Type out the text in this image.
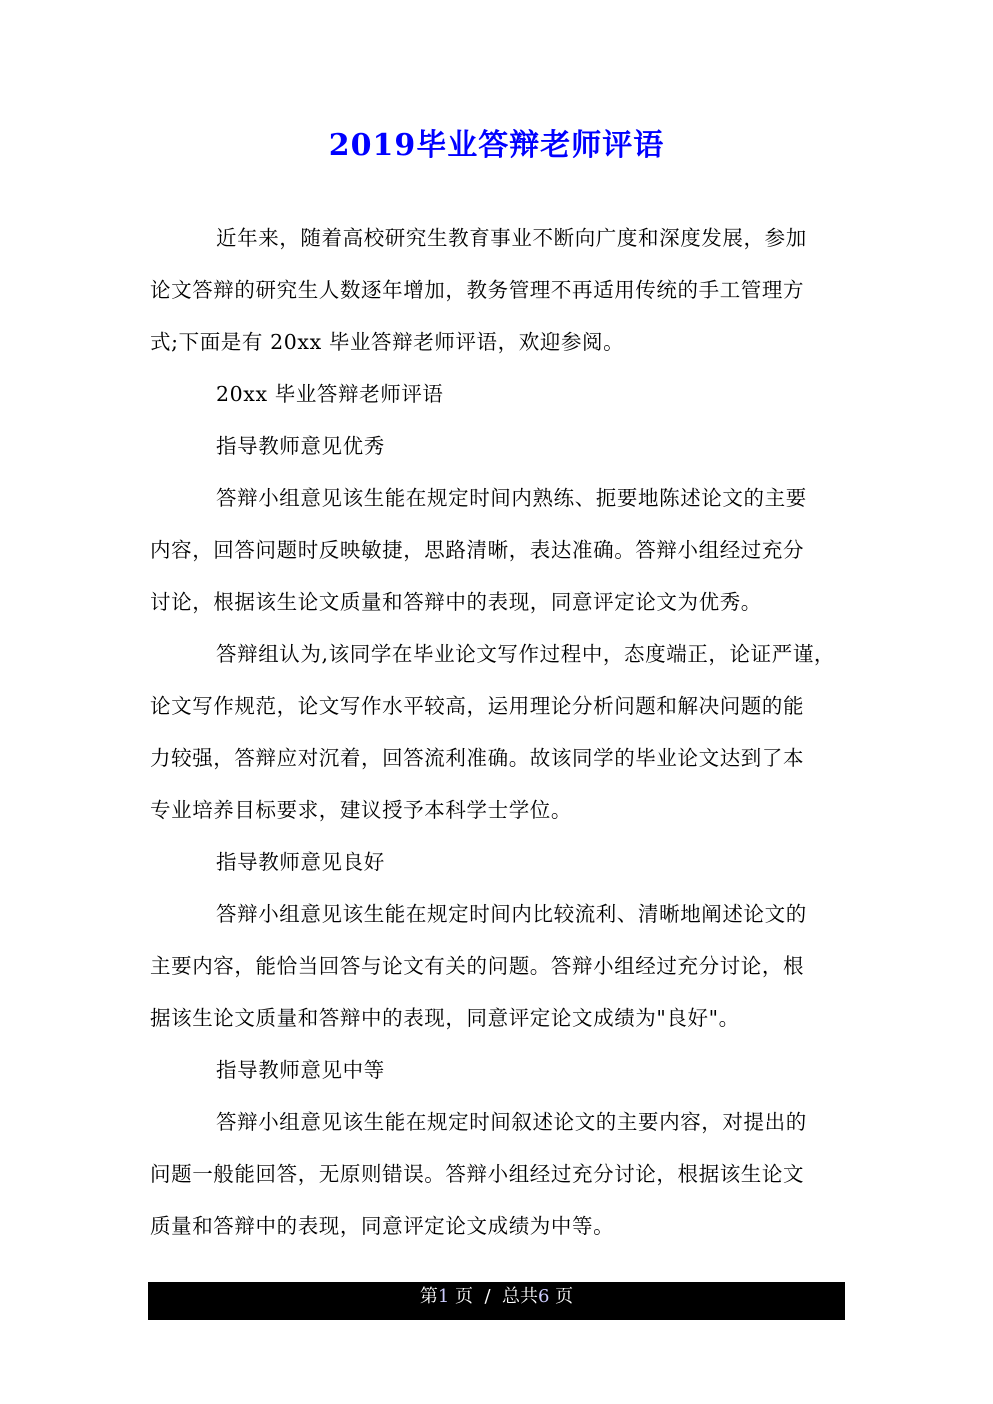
2019毕业答辩老师评语
近年来，随着高校研究生教育事业不断向广度和深度发展，参加
论文答辩的研究生人数逐年增加，教务管理不再适用传统的手工管理方
式;下面是有 20xx 毕业答辩老师评语，欢迎参阅。
20xx 毕业答辩老师评语
指导教师意见优秀
答辩小组意见该生能在规定时间内熟练、扼要地陈述论文的主要
内容，回答问题时反映敏捷，思路清晰，表达准确。答辩小组经过充分
讨论，根据该生论文质量和答辩中的表现，同意评定论文为优秀。
答辩组认为,该同学在毕业论文写作过程中，态度端正，论证严谨，
论文写作规范，论文写作水平较高，运用理论分析问题和解决问题的能
力较强，答辩应对沉着，回答流利准确。故该同学的毕业论文达到了本
专业培养目标要求，建议授予本科学士学位。
指导教师意见良好
答辩小组意见该生能在规定时间内比较流利、清晰地阐述论文的
主要内容，能恰当回答与论文有关的问题。答辩小组经过充分讨论，根
据该生论文质量和答辩中的表现，同意评定论文成绩为"良好"。
指导教师意见中等
答辩小组意见该生能在规定时间叙述论文的主要内容，对提出的
问题一般能回答，无原则错误。答辩小组经过充分讨论，根据该生论文
质量和答辩中的表现，同意评定论文成绩为中等。
第1 页  /  总共6 页
